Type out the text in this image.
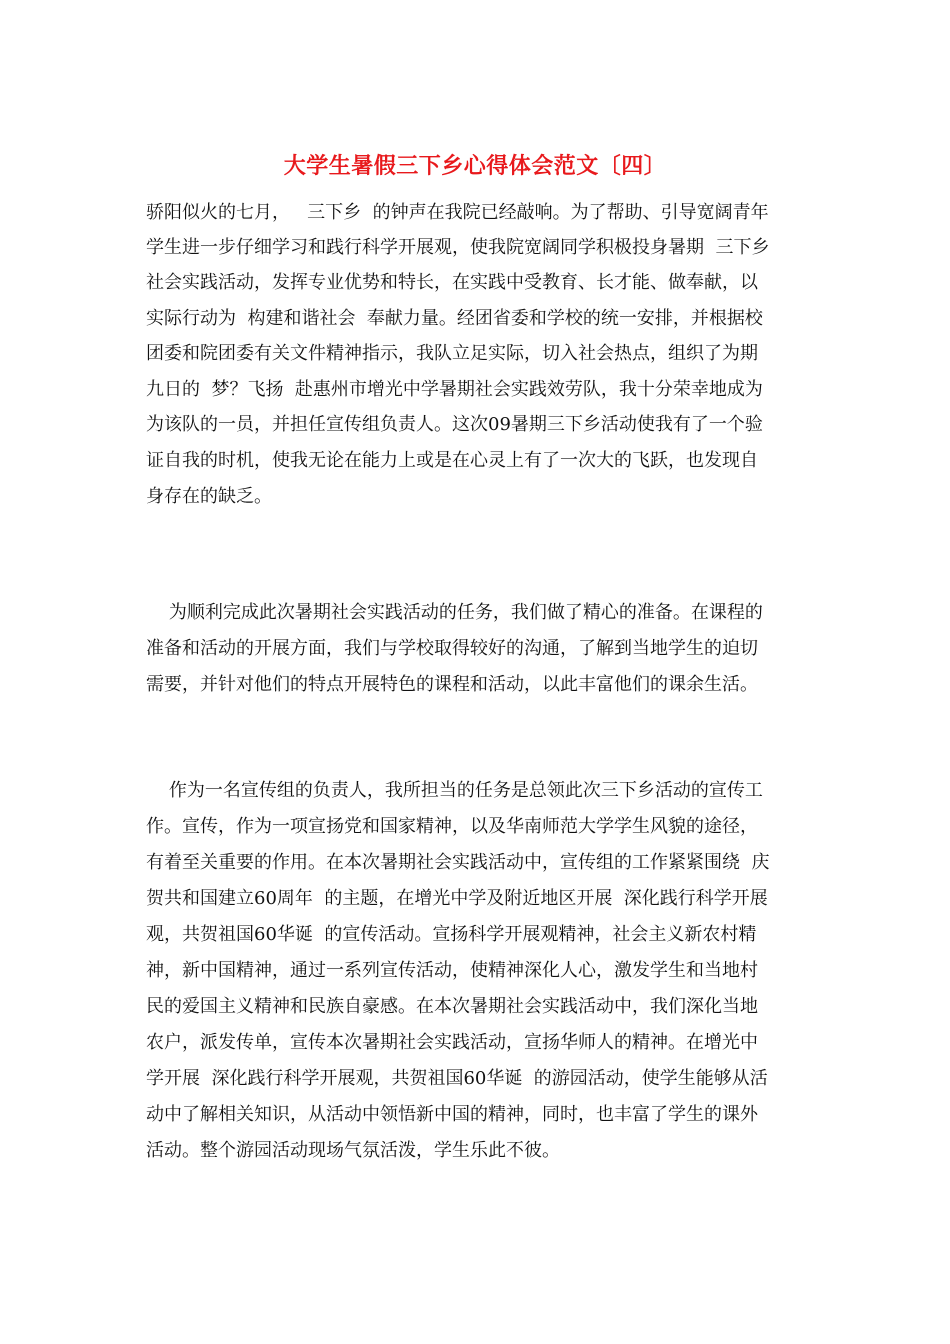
大学生暑假三下乡心得体会范文〔四〕

骄阳似火的七月，   三下乡  的钟声在我院已经敲响。为了帮助、引导宽阔青年

学生进一步仔细学习和践行科学开展观，使我院宽阔同学积极投身暑期  三下乡

社会实践活动，发挥专业优势和特长，在实践中受教育、长才能、做奉献，以

实际行动为  构建和谐社会  奉献力量。经团省委和学校的统一安排，并根据校

团委和院团委有关文件精神指示，我队立足实际，切入社会热点，组织了为期

九日的  梦？飞扬  赴惠州市增光中学暑期社会实践效劳队，我十分荣幸地成为

为该队的一员，并担任宣传组负责人。这次09暑期三下乡活动使我有了一个验

证自我的时机，使我无论在能力上或是在心灵上有了一次大的飞跃，也发现自

身存在的缺乏。

为顺利完成此次暑期社会实践活动的任务，我们做了精心的准备。在课程的

准备和活动的开展方面，我们与学校取得较好的沟通，了解到当地学生的迫切

需要，并针对他们的特点开展特色的课程和活动，以此丰富他们的课余生活。

作为一名宣传组的负责人，我所担当的任务是总领此次三下乡活动的宣传工

作。宣传，作为一项宣扬党和国家精神，以及华南师范大学学生风貌的途径，

有着至关重要的作用。在本次暑期社会实践活动中，宣传组的工作紧紧围绕  庆

贺共和国建立60周年  的主题，在增光中学及附近地区开展  深化践行科学开展

观，共贺祖国60华诞  的宣传活动。宣扬科学开展观精神，社会主义新农村精

神，新中国精神，通过一系列宣传活动，使精神深化人心，激发学生和当地村

民的爱国主义精神和民族自豪感。在本次暑期社会实践活动中，我们深化当地

农户，派发传单，宣传本次暑期社会实践活动，宣扬华师人的精神。在增光中

学开展  深化践行科学开展观，共贺祖国60华诞  的游园活动，使学生能够从活

动中了解相关知识，从活动中领悟新中国的精神，同时，也丰富了学生的课外

活动。整个游园活动现场气氛活泼，学生乐此不彼。
